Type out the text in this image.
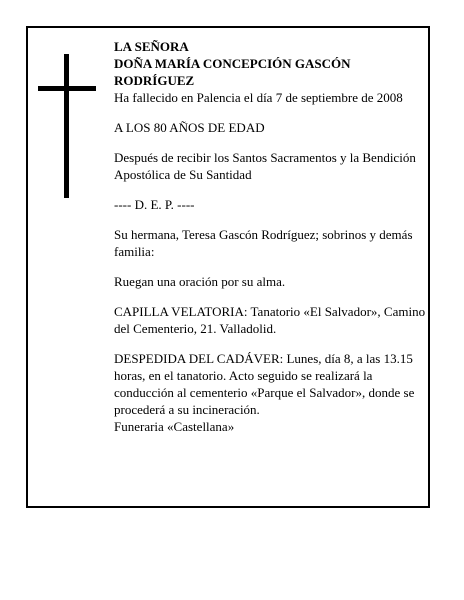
LA SEÑORA
DOÑA MARÍA CONCEPCIÓN GASCÓN
RODRÍGUEZ

Ha fallecido en Palencia el día 7 de septiembre de 2008

A LOS 80 AÑOS DE EDAD

Después de recibir los Santos Sacramentos y la Bendición Apostólica de Su Santidad

---- D. E. P. ----

Su hermana, Teresa Gascón Rodríguez; sobrinos y demás familia:

Ruegan una oración por su alma.

CAPILLA VELATORIA: Tanatorio «El Salvador», Camino del Cementerio, 21. Valladolid.

DESPEDIDA DEL CADÁVER: Lunes, día 8, a las 13.15 horas, en el tanatorio. Acto seguido se realizará la conducción al cementerio «Parque el Salvador», donde se procederá a su incineración.

Funeraria «Castellana»
